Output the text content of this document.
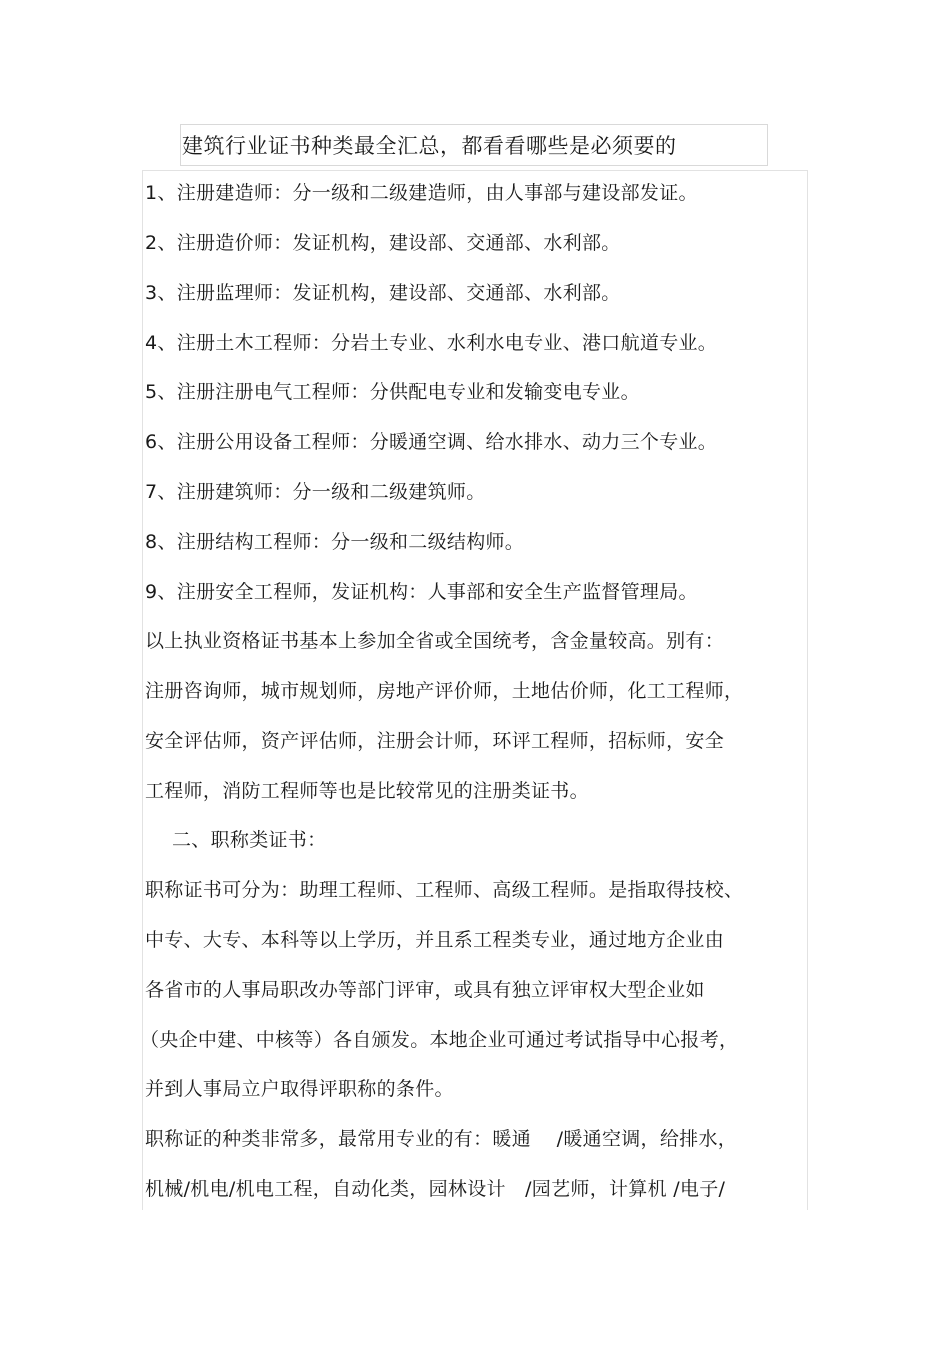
建筑行业证书种类最全汇总，都看看哪些是必须要的
1、注册建造师：分一级和二级建造师，由人事部与建设部发证。
2、注册造价师：发证机构，建设部、交通部、水利部。
3、注册监理师：发证机构，建设部、交通部、水利部。
4、注册土木工程师：分岩土专业、水利水电专业、港口航道专业。
5、注册注册电气工程师：分供配电专业和发输变电专业。
6、注册公用设备工程师：分暖通空调、给水排水、动力三个专业。
7、注册建筑师：分一级和二级建筑师。
8、注册结构工程师：分一级和二级结构师。
9、注册安全工程师，发证机构：人事部和安全生产监督管理局。
以上执业资格证书基本上参加全省或全国统考，含金量较高。别有：
注册咨询师，城市规划师，房地产评价师，土地估价师，化工工程师，
安全评估师，资产评估师，注册会计师，环评工程师，招标师，安全
工程师，消防工程师等也是比较常见的注册类证书。
二、职称类证书：
职称证书可分为：助理工程师、工程师、高级工程师。是指取得技校、
中专、大专、本科等以上学历，并且系工程类专业，通过地方企业由
各省市的人事局职改办等部门评审，或具有独立评审权大型企业如
（央企中建、中核等）各自颁发。本地企业可通过考试指导中心报考，
并到人事局立户取得评职称的条件。
职称证的种类非常多，最常用专业的有：暖通　 /暖通空调，给排水，
机械/机电/机电工程，自动化类，园林设计　/园艺师，计算机 /电子/
